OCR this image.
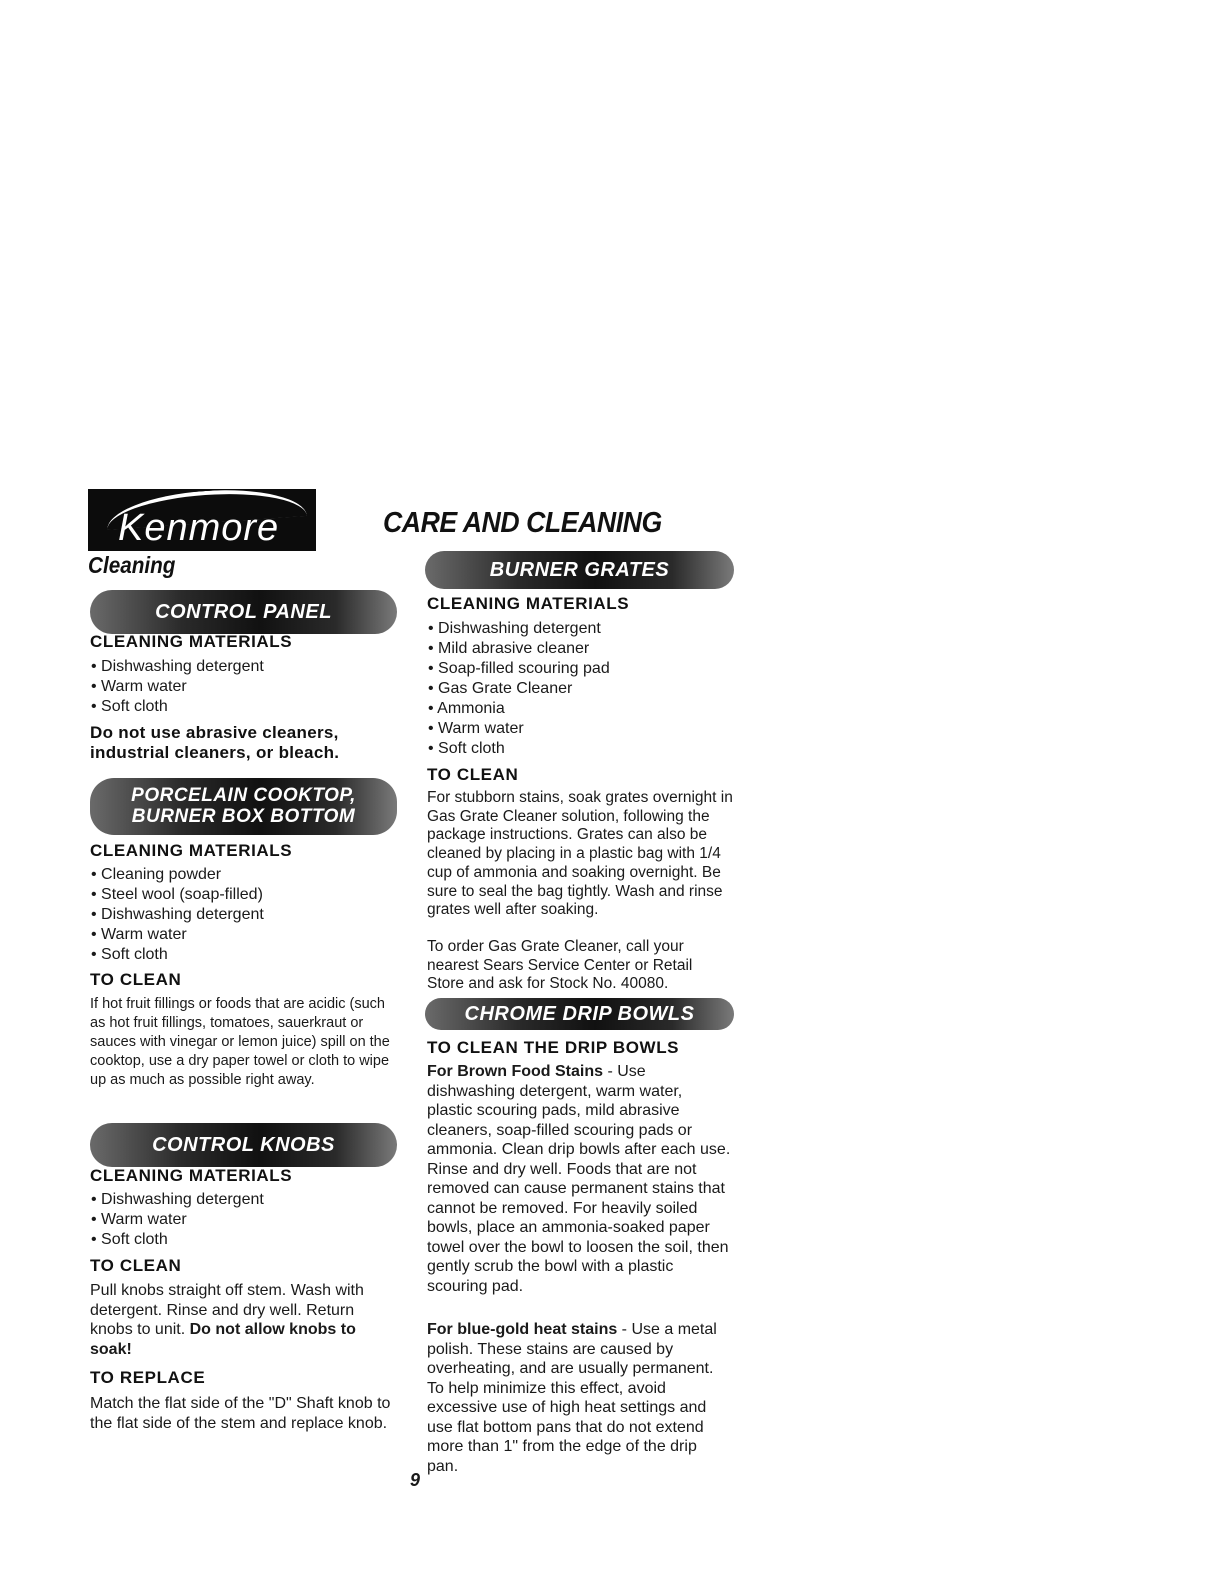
Kenmore	CARE AND CLEANING
Cleaning
CONTROL PANEL
CLEANING MATERIALS
• Dishwashing detergent
• Warm water
• Soft cloth
Do not use abrasive cleaners,
industrial cleaners, or bleach.
PORCELAIN COOKTOP,
BURNER BOX BOTTOM
CLEANING MATERIALS
• Cleaning powder
• Steel wool (soap-filled)
• Dishwashing detergent
• Warm water
• Soft cloth
TO CLEAN

If hot fruit fillings or foods that are acidic (such as hot fruit fillings, tomatoes, sauerkraut or sauces with vinegar or lemon juice) spill on the cooktop, use a dry paper towel or cloth to wipe up as much as possible right away.

CONTROL KNOBS
CLEANING MATERIALS
• Dishwashing detergent
• Warm water
• Soft cloth
TO CLEAN

Pull knobs straight off stem. Wash with detergent. Rinse and dry well. Return knobs to unit. Do not allow knobs to soak!

TO REPLACE

Match the flat side of the "D" Shaft knob to the flat side of the stem and replace knob.

BURNER GRATES
CLEANING MATERIALS
• Dishwashing detergent
• Mild abrasive cleaner
• Soap-filled scouring pad
• Gas Grate Cleaner
• Ammonia
• Warm water
• Soft cloth
TO CLEAN

For stubborn stains, soak grates overnight in Gas Grate Cleaner solution, following the package instructions. Grates can also be cleaned by placing in a plastic bag with 1/4 cup of ammonia and soaking overnight. Be sure to seal the bag tightly. Wash and rinse grates well after soaking.

To order Gas Grate Cleaner, call your nearest Sears Service Center or Retail Store and ask for Stock No. 40080.

CHROME DRIP BOWLS
TO CLEAN THE DRIP BOWLS

For Brown Food Stains - Use dishwashing detergent, warm water, plastic scouring pads, mild abrasive cleaners, soap-filled scouring pads or ammonia. Clean drip bowls after each use. Rinse and dry well. Foods that are not removed can cause permanent stains that cannot be removed. For heavily soiled bowls, place an ammonia-soaked paper towel over the bowl to loosen the soil, then gently scrub the bowl with a plastic scouring pad.

For blue-gold heat stains - Use a metal polish. These stains are caused by overheating, and are usually permanent. To help minimize this effect, avoid excessive use of high heat settings and use flat bottom pans that do not extend more than 1" from the edge of the drip pan.

9
